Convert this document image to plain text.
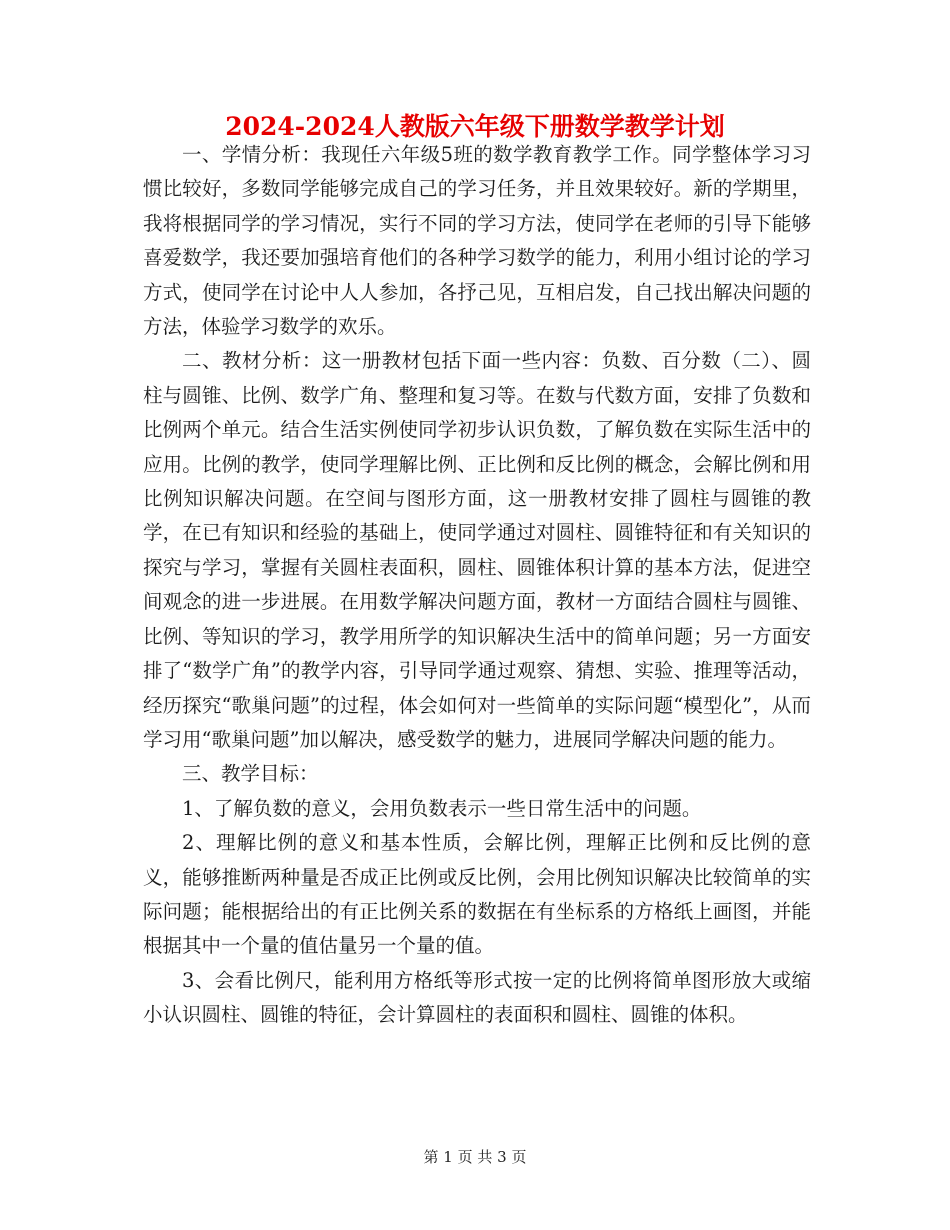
2024-2024人教版六年级下册数学教学计划

一、学情分析：我现任六年级5班的数学教育教学工作。同学整体学习习惯比较好，多数同学能够完成自己的学习任务，并且效果较好。新的学期里，我将根据同学的学习情况，实行不同的学习方法，使同学在老师的引导下能够喜爱数学，我还要加强培育他们的各种学习数学的能力，利用小组讨论的学习方式，使同学在讨论中人人参加，各抒己见，互相启发，自己找出解决问题的方法，体验学习数学的欢乐。

二、教材分析：这一册教材包括下面一些内容：负数、百分数（二）、圆柱与圆锥、比例、数学广角、整理和复习等。在数与代数方面，安排了负数和比例两个单元。结合生活实例使同学初步认识负数，了解负数在实际生活中的应用。比例的教学，使同学理解比例、正比例和反比例的概念，会解比例和用比例知识解决问题。在空间与图形方面，这一册教材安排了圆柱与圆锥的教学，在已有知识和经验的基础上，使同学通过对圆柱、圆锥特征和有关知识的探究与学习，掌握有关圆柱表面积，圆柱、圆锥体积计算的基本方法，促进空间观念的进一步进展。在用数学解决问题方面，教材一方面结合圆柱与圆锥、比例、等知识的学习，教学用所学的知识解决生活中的简单问题；另一方面安排了“数学广角”的教学内容，引导同学通过观察、猜想、实验、推理等活动，经历探究“歌巢问题”的过程，体会如何对一些简单的实际问题“模型化”，从而学习用“歌巢问题”加以解决，感受数学的魅力，进展同学解决问题的能力。

三、教学目标：

1、了解负数的意义，会用负数表示一些日常生活中的问题。

2、理解比例的意义和基本性质，会解比例，理解正比例和反比例的意义，能够推断两种量是否成正比例或反比例，会用比例知识解决比较简单的实际问题；能根据给出的有正比例关系的数据在有坐标系的方格纸上画图，并能根据其中一个量的值估量另一个量的值。

3、会看比例尺，能利用方格纸等形式按一定的比例将简单图形放大或缩小认识圆柱、圆锥的特征，会计算圆柱的表面积和圆柱、圆锥的体积。

第 1 页 共 3 页
